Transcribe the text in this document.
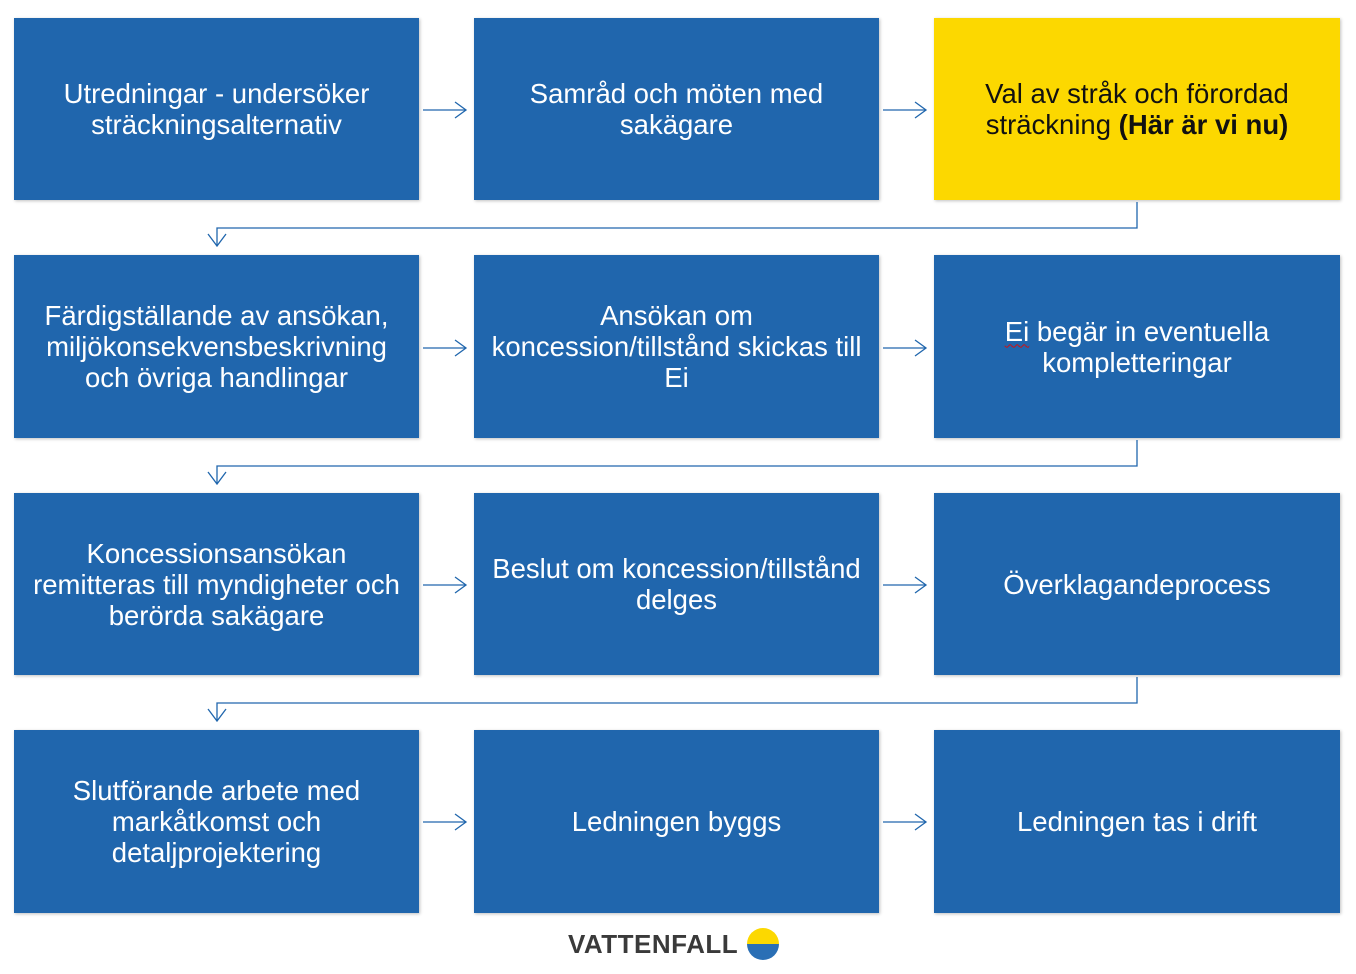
Utredningar - undersöker sträckningsalternativ
Samråd och möten med sakägare
Val av stråk och förordad sträckning (Här är vi nu)
Färdigställande av ansökan, miljökonsekvensbeskrivning och övriga handlingar
Ansökan om koncession/tillstånd skickas till Ei
Ei begär in eventuella kompletteringar
Koncessionsansökan remitteras till myndigheter och berörda sakägare
Beslut om koncession/tillstånd delges	Överklagandeprocess
Slutförande arbete med markåtkomst och detaljprojektering
Ledningen byggs	Ledningen tas i drift
VATTENFALL
